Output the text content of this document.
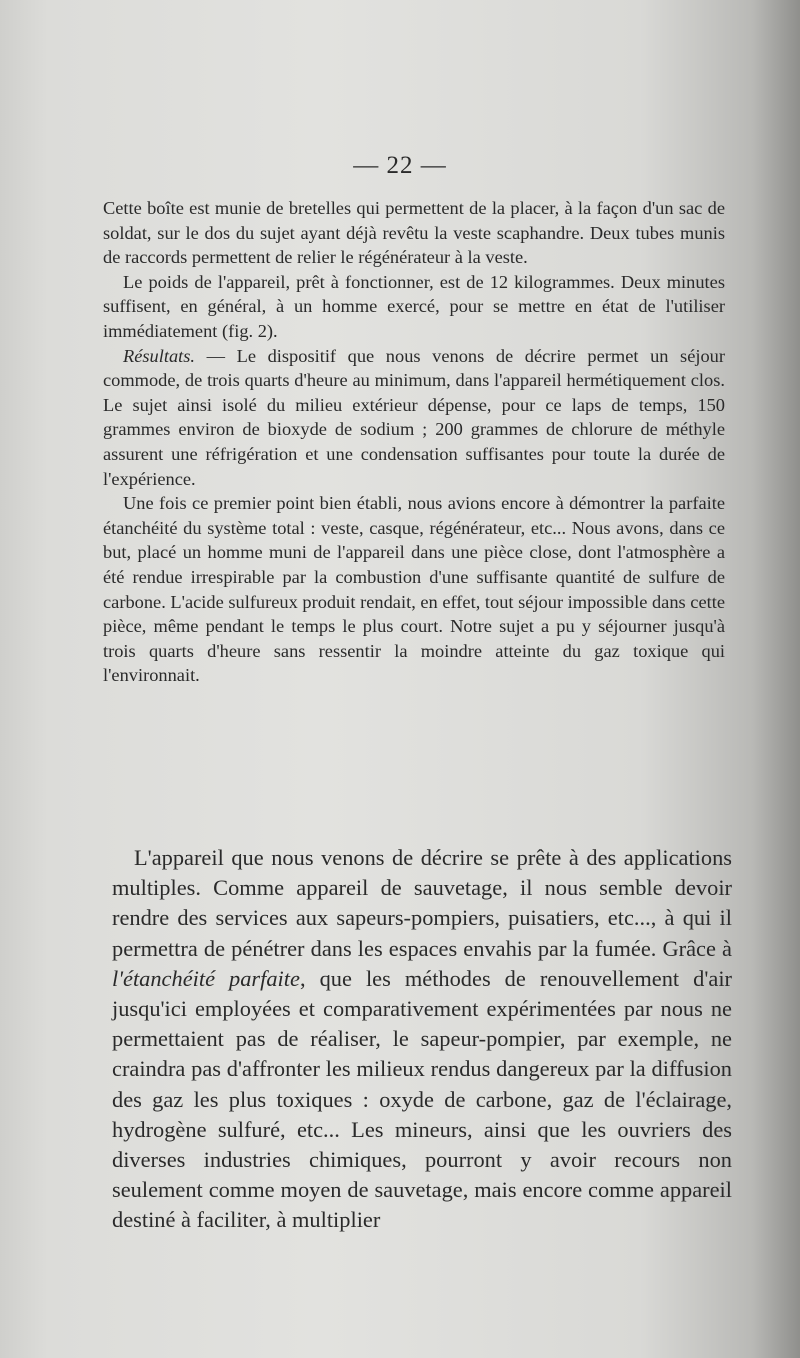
— 22 —

Cette boîte est munie de bretelles qui permettent de la placer, à la façon d'un sac de soldat, sur le dos du sujet ayant déjà revêtu la veste scaphandre. Deux tubes munis de raccords permettent de relier le régénérateur à la veste.

Le poids de l'appareil, prêt à fonctionner, est de 12 kilogrammes. Deux minutes suffisent, en général, à un homme exercé, pour se mettre en état de l'utiliser immédiatement (fig. 2).

Résultats. — Le dispositif que nous venons de décrire permet un séjour commode, de trois quarts d'heure au minimum, dans l'appareil hermétiquement clos. Le sujet ainsi isolé du milieu extérieur dépense, pour ce laps de temps, 150 grammes environ de bioxyde de sodium ; 200 grammes de chlorure de méthyle assurent une réfrigération et une condensation suffisantes pour toute la durée de l'expérience.

Une fois ce premier point bien établi, nous avions encore à démontrer la parfaite étanchéité du système total : veste, casque, régénérateur, etc... Nous avons, dans ce but, placé un homme muni de l'appareil dans une pièce close, dont l'atmosphère a été rendue irrespirable par la combustion d'une suffisante quantité de sulfure de carbone. L'acide sulfureux produit rendait, en effet, tout séjour impossible dans cette pièce, même pendant le temps le plus court. Notre sujet a pu y séjourner jusqu'à trois quarts d'heure sans ressentir la moindre atteinte du gaz toxique qui l'environnait.

L'appareil que nous venons de décrire se prête à des applications multiples. Comme appareil de sauvetage, il nous semble devoir rendre des services aux sapeurs-pompiers, puisatiers, etc..., à qui il permettra de pénétrer dans les espaces envahis par la fumée. Grâce à l'étanchéité parfaite, que les méthodes de renouvellement d'air jusqu'ici employées et comparativement expérimentées par nous ne permettaient pas de réaliser, le sapeur-pompier, par exemple, ne craindra pas d'affronter les milieux rendus dangereux par la diffusion des gaz les plus toxiques : oxyde de carbone, gaz de l'éclairage, hydrogène sulfuré, etc... Les mineurs, ainsi que les ouvriers des diverses industries chimiques, pourront y avoir recours non seulement comme moyen de sauvetage, mais encore comme appareil destiné à faciliter, à multiplier
